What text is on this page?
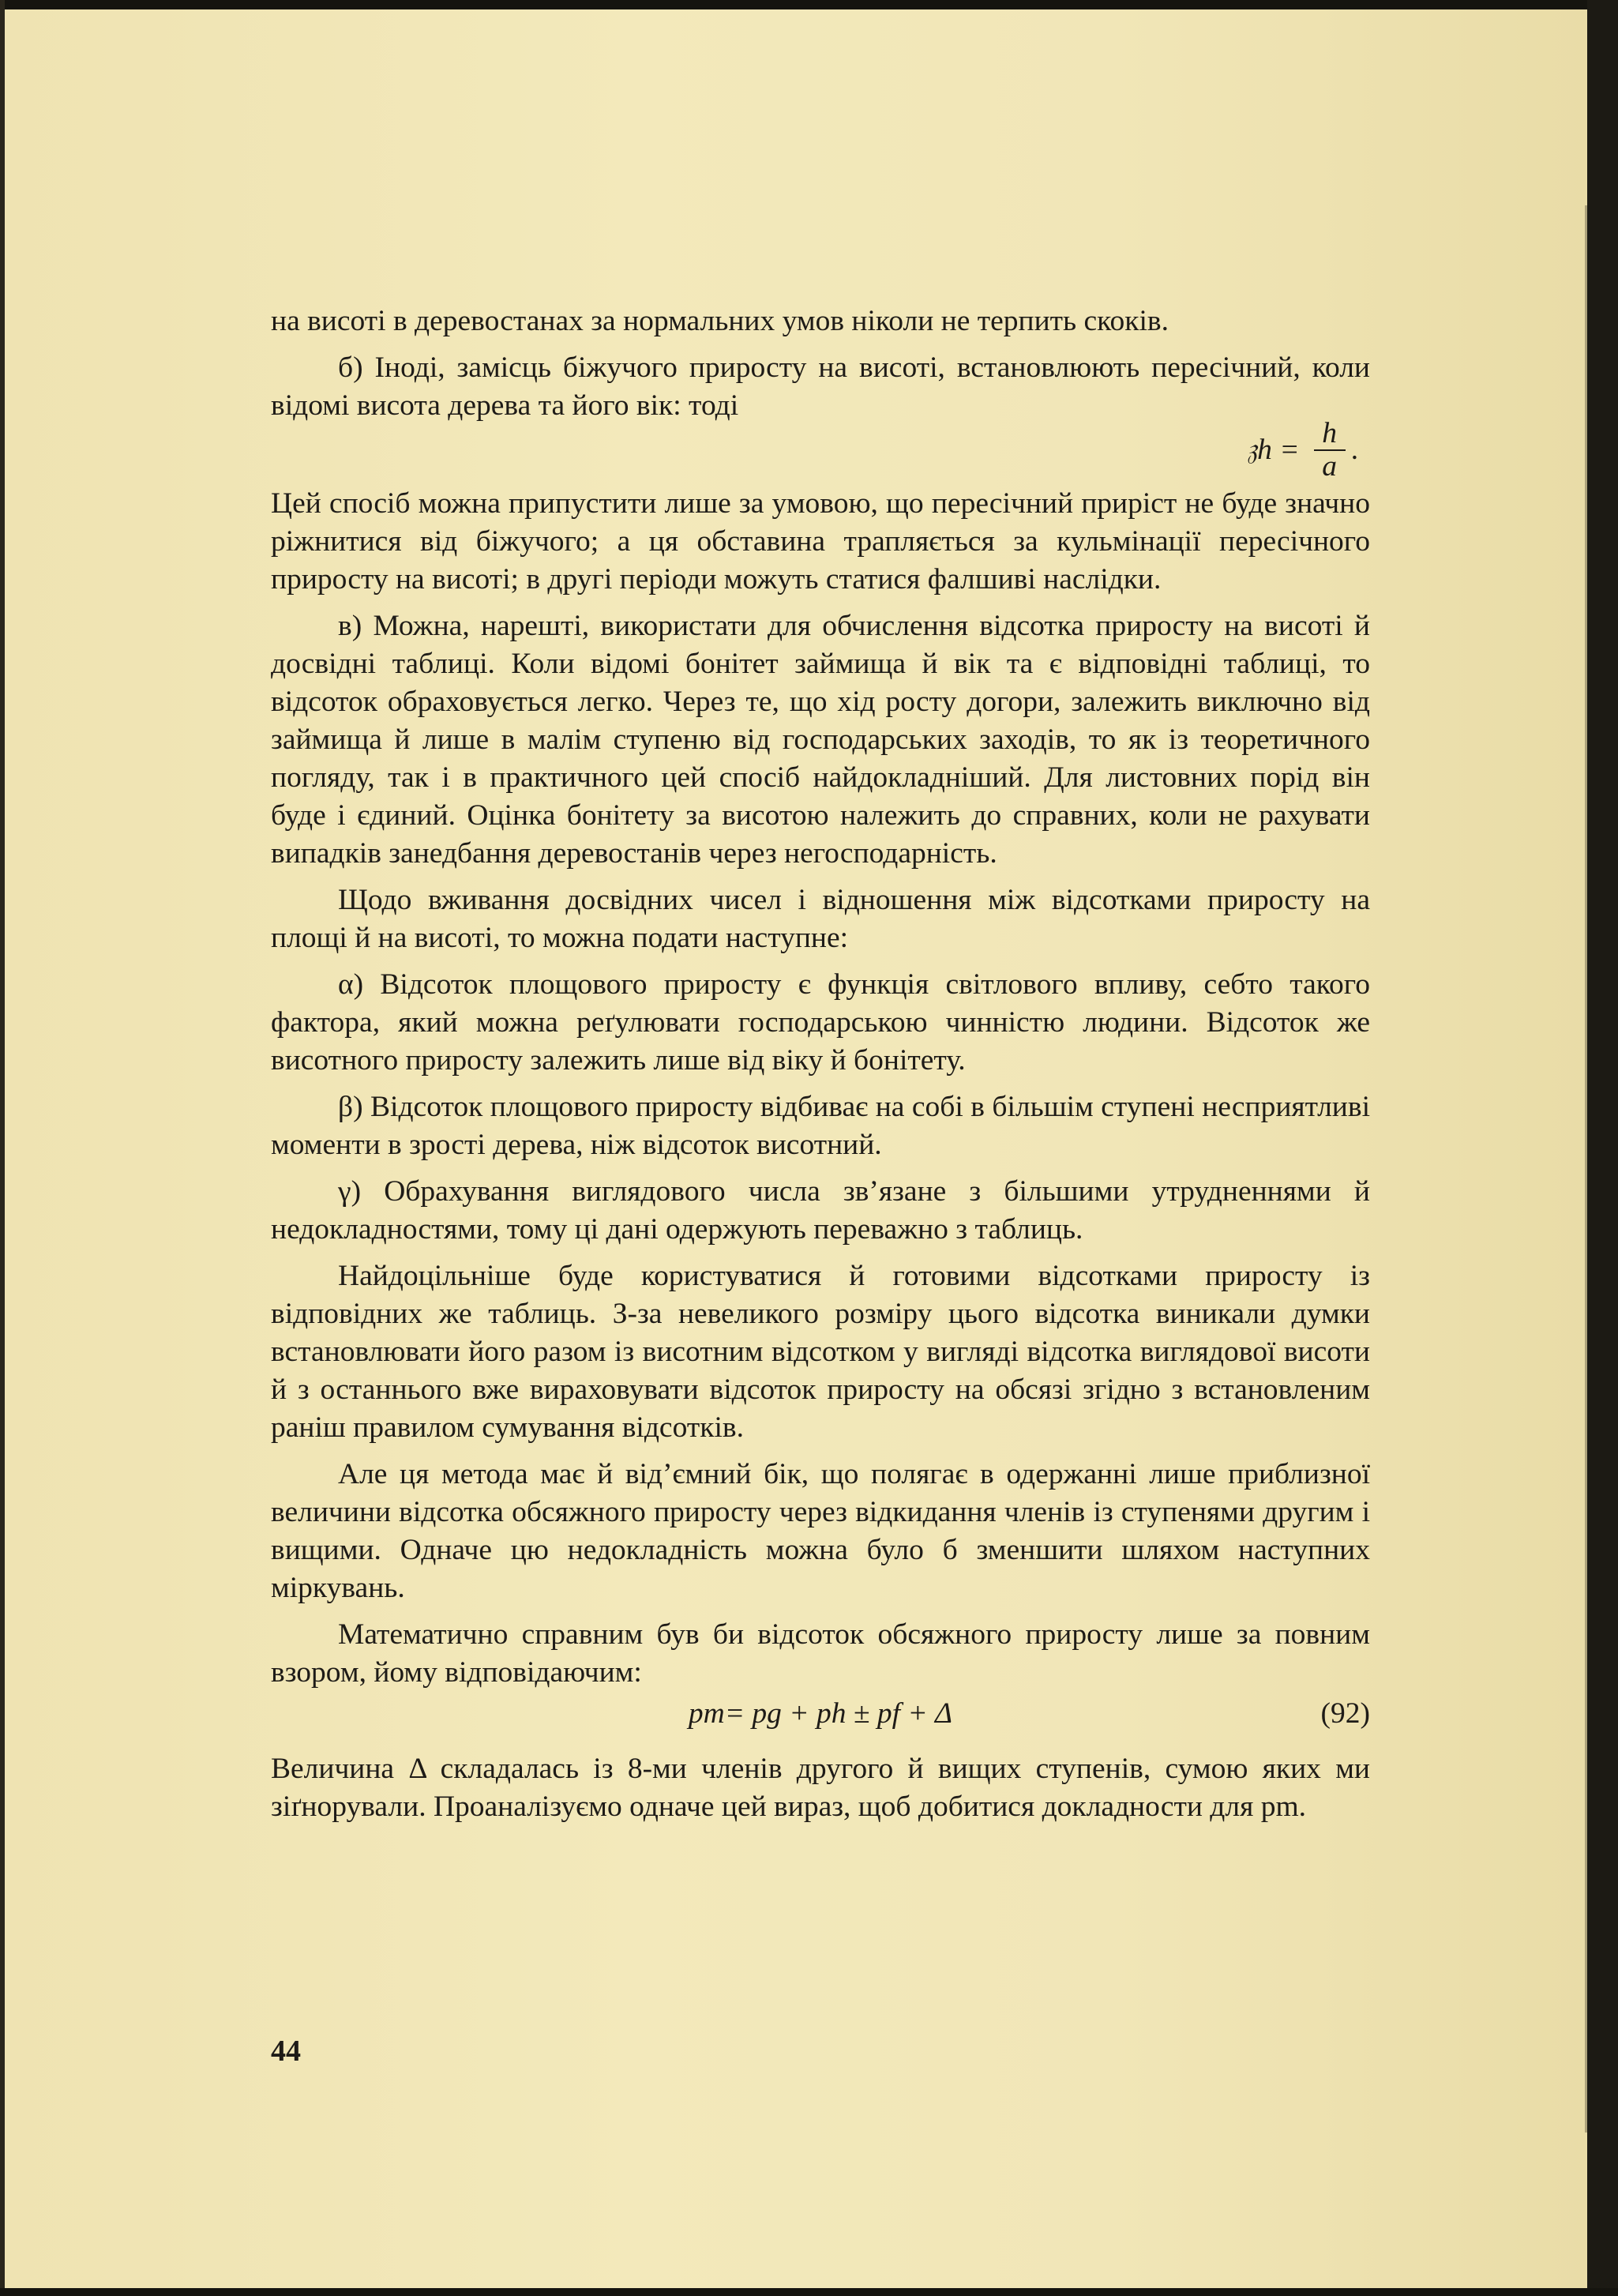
на висоті в деревостанах за нормальних умов ніколи не терпить скоків.

б) Іноді, замісць біжучого приросту на висоті, встановлюють пересічний, коли відомі висота дерева та його вік: тоді

𝔷h =
h
a
.

Цей спосіб можна припустити лише за умовою, що пересічний приріст не буде значно ріжнитися від біжучого; а ця обставина трапляється за кульмінації пересічного приросту на висоті; в другі періоди можуть статися фалшиві наслідки.

в) Можна, нарешті, використати для обчислення відсотка приросту на висоті й досвідні таблиці. Коли відомі бонітет займища й вік та є відповідні таблиці, то відсоток обраховується легко. Через те, що хід росту догори, залежить виключно від займища й лише в малім ступеню від господарських заходів, то як із теоретичного погляду, так і в практичного цей спосіб найдокладніший. Для листовних порід він буде і єдиний. Оцінка бонітету за висотою належить до справних, коли не рахувати випадків занедбання деревостанів через негосподарність.

Щодо вживання досвідних чисел і відношення між відсотками приросту на площі й на висоті, то можна подати наступне:

α) Відсоток площового приросту є функція світлового впливу, себто такого фактора, який можна реґулювати господарською чинністю людини. Відсоток же висотного приросту залежить лише від віку й бонітету.

β) Відсоток площового приросту відбиває на собі в більшім ступені несприятливі моменти в зрості дерева, ніж відсоток висотний.

γ) Обрахування виглядового числа зв’язане з більшими утрудненнями й недокладностями, тому ці дані одержують переважно з таблиць.

Найдоцільніше буде користуватися й готовими відсотками приросту із відповідних же таблиць. З-за невеликого розміру цього відсотка виникали думки встановлювати його разом із висотним відсотком у вигляді відсотка виглядової висоти й з останнього вже вираховувати відсоток приросту на обсязі згідно з встановленим раніш правилом сумування відсотків.

Але ця метода має й від’ємний бік, що полягає в одержанні лише приблизної величини відсотка обсяжного приросту через відкидання членів із ступенями другим і вищими. Одначе цю недокладність можна було б зменшити шляхом наступних міркувань.

Математично справним був би відсоток обсяжного приросту лише за повним взором, йому відповідаючим:

pm= pg + ph ± pf + Δ	(92)

Величина Δ складалась із 8-ми членів другого й вищих ступенів, сумою яких ми зіґнорували. Проаналізуємо одначе цей вираз, щоб добитися докладности для pm.

44
